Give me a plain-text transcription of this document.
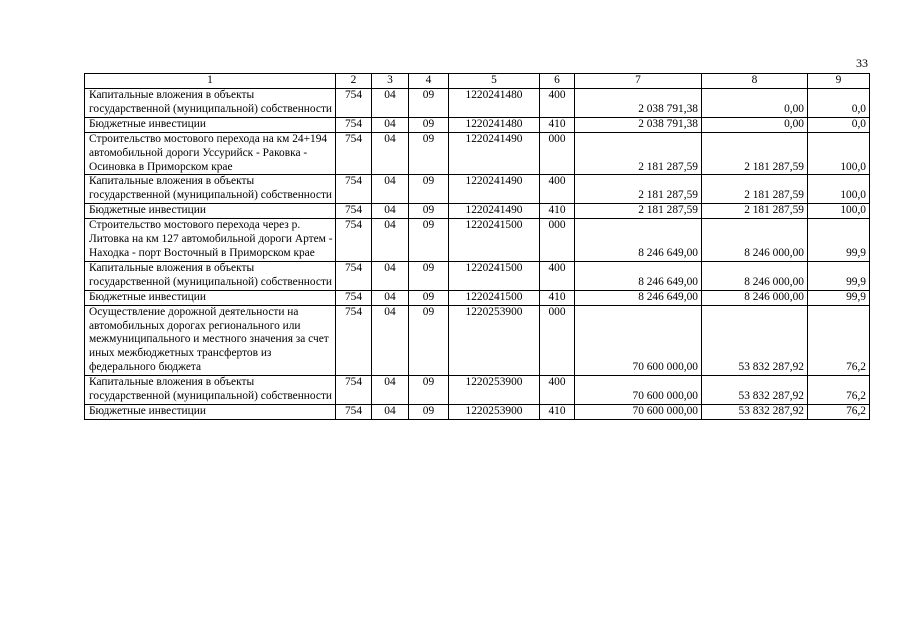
33
1	2	3	4	5	6	7	8	9
Капитальные вложения в объекты государственной (муниципальной) собственности	754	04	09	1220241480	400	2 038 791,38	0,00	0,0
Бюджетные инвестиции	754	04	09	1220241480	410	2 038 791,38	0,00	0,0
Строительство мостового перехода на км 24+194 автомобильной дороги Уссурийск - Раковка - Осиновка в Приморском крае	754	04	09	1220241490	000	2 181 287,59	2 181 287,59	100,0
Капитальные вложения в объекты государственной (муниципальной) собственности	754	04	09	1220241490	400	2 181 287,59	2 181 287,59	100,0
Бюджетные инвестиции	754	04	09	1220241490	410	2 181 287,59	2 181 287,59	100,0
Строительство мостового перехода через р. Литовка на км 127 автомобильной дороги Артем - Находка - порт Восточный в Приморском крае	754	04	09	1220241500	000	8 246 649,00	8 246 000,00	99,9
Капитальные вложения в объекты государственной (муниципальной) собственности	754	04	09	1220241500	400	8 246 649,00	8 246 000,00	99,9
Бюджетные инвестиции	754	04	09	1220241500	410	8 246 649,00	8 246 000,00	99,9
Осуществление дорожной деятельности на автомобильных дорогах регионального или межмуниципального и местного значения за счет иных межбюджетных трансфертов из федерального бюджета	754	04	09	1220253900	000	70 600 000,00	53 832 287,92	76,2
Капитальные вложения в объекты государственной (муниципальной) собственности	754	04	09	1220253900	400	70 600 000,00	53 832 287,92	76,2
Бюджетные инвестиции	754	04	09	1220253900	410	70 600 000,00	53 832 287,92	76,2
